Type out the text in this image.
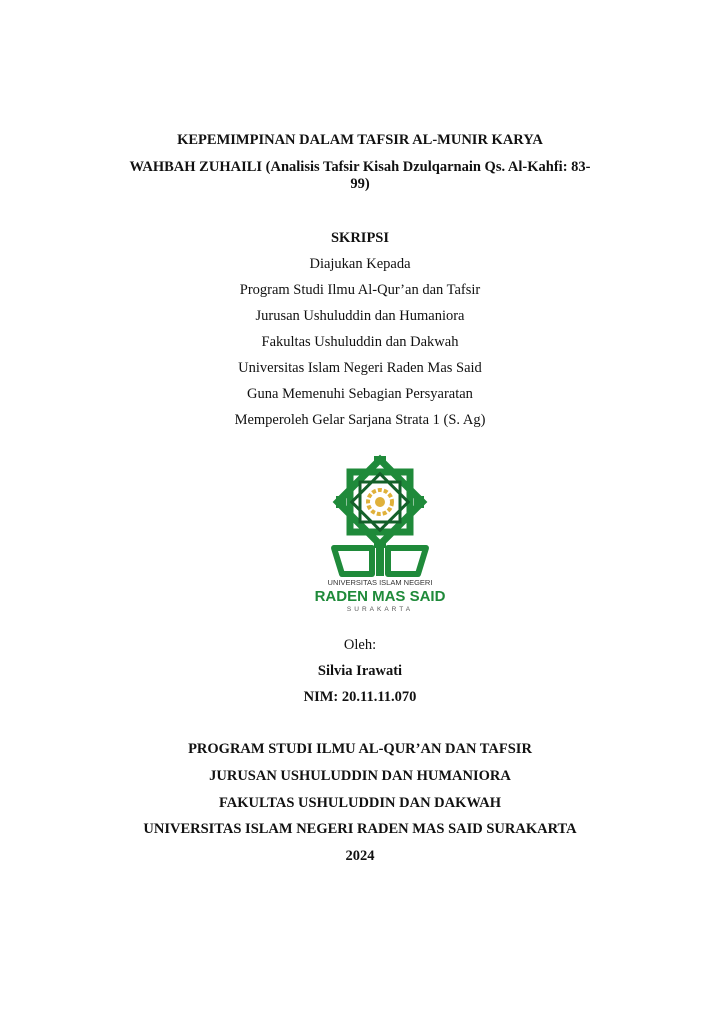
KEPEMIMPINAN DALAM TAFSIR AL-MUNIR KARYA
WAHBAH ZUHAILI (Analisis Tafsir Kisah Dzulqarnain Qs. Al-Kahfi: 83-
99)
SKRIPSI
Diajukan Kepada
Program Studi Ilmu Al-Qur’an dan Tafsir
Jurusan Ushuluddin dan Humaniora
Fakultas Ushuluddin dan Dakwah
Universitas Islam Negeri Raden Mas Said
Guna Memenuhi Sebagian Persyaratan
Memperoleh Gelar Sarjana Strata 1 (S. Ag)
UNIVERSITAS ISLAM NEGERI
RADEN MAS SAID
SURAKARTA
Oleh:
Silvia Irawati
NIM: 20.11.11.070
PROGRAM STUDI ILMU AL-QUR’AN DAN TAFSIR
JURUSAN USHULUDDIN DAN HUMANIORA
FAKULTAS USHULUDDIN DAN DAKWAH
UNIVERSITAS ISLAM NEGERI RADEN MAS SAID SURAKARTA
2024
